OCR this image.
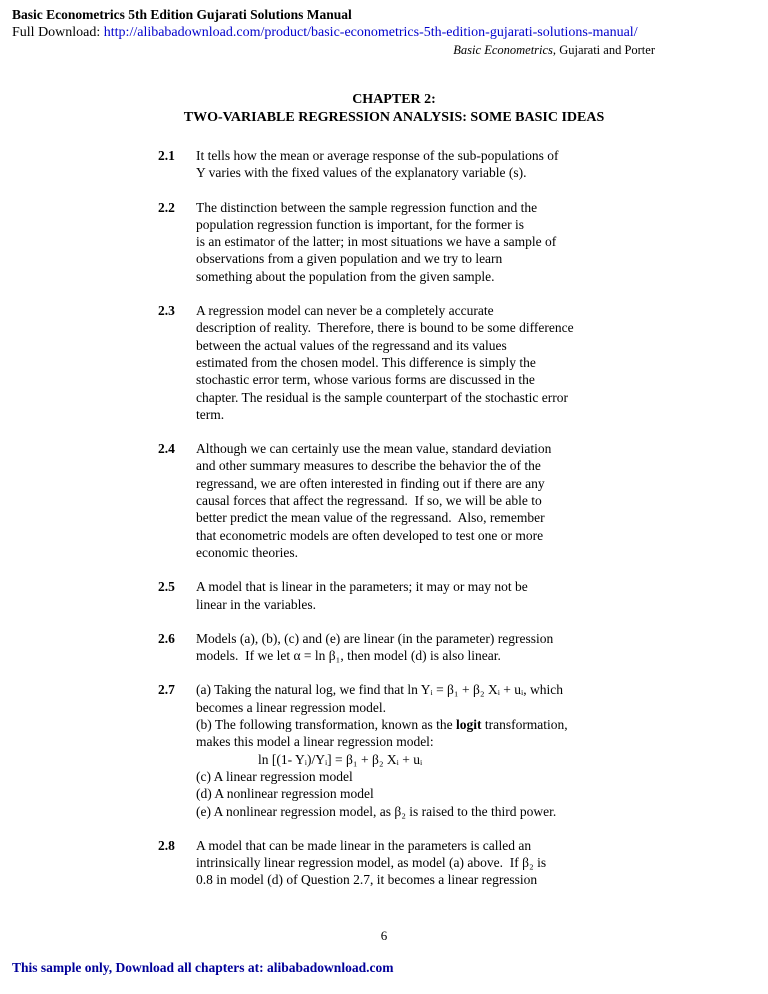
Basic Econometrics 5th Edition Gujarati Solutions Manual
Full Download: http://alibabadownload.com/product/basic-econometrics-5th-edition-gujarati-solutions-manual/
Basic Econometrics, Gujarati and Porter
CHAPTER 2:
TWO-VARIABLE REGRESSION ANALYSIS: SOME BASIC IDEAS
2.1	It tells how the mean or average response of the sub-populations of
Y varies with the fixed values of the explanatory variable (s).
2.2	The distinction between the sample regression function and the
population regression function is important, for the former is
is an estimator of the latter; in most situations we have a sample of
observations from a given population and we try to learn
something about the population from the given sample.
2.3	A regression model can never be a completely accurate
description of reality.  Therefore, there is bound to be some difference
between the actual values of the regressand and its values
estimated from the chosen model. This difference is simply the
stochastic error term, whose various forms are discussed in the
chapter. The residual is the sample counterpart of the stochastic error
term.
2.4	Although we can certainly use the mean value, standard deviation
and other summary measures to describe the behavior the of the
regressand, we are often interested in finding out if there are any
causal forces that affect the regressand.  If so, we will be able to
better predict the mean value of the regressand.  Also, remember
that econometric models are often developed to test one or more
economic theories.
2.5	A model that is linear in the parameters; it may or may not be
linear in the variables.
2.6	Models (a), (b), (c) and (e) are linear (in the parameter) regression
models.  If we let α = ln β₁, then model (d) is also linear.
2.7	(a) Taking the natural log, we find that ln Yᵢ = β₁ + β₂ Xᵢ + uᵢ, which
becomes a linear regression model.
(b) The following transformation, known as the logit transformation,
makes this model a linear regression model:
ln [(1- Yᵢ)/Yᵢ] = β₁ + β₂ Xᵢ + uᵢ
(c) A linear regression model
(d) A nonlinear regression model
(e) A nonlinear regression model, as β₂ is raised to the third power.
2.8	A model that can be made linear in the parameters is called an
intrinsically linear regression model, as model (a) above.  If β₂ is
0.8 in model (d) of Question 2.7, it becomes a linear regression
6
This sample only, Download all chapters at: alibabadownload.com
